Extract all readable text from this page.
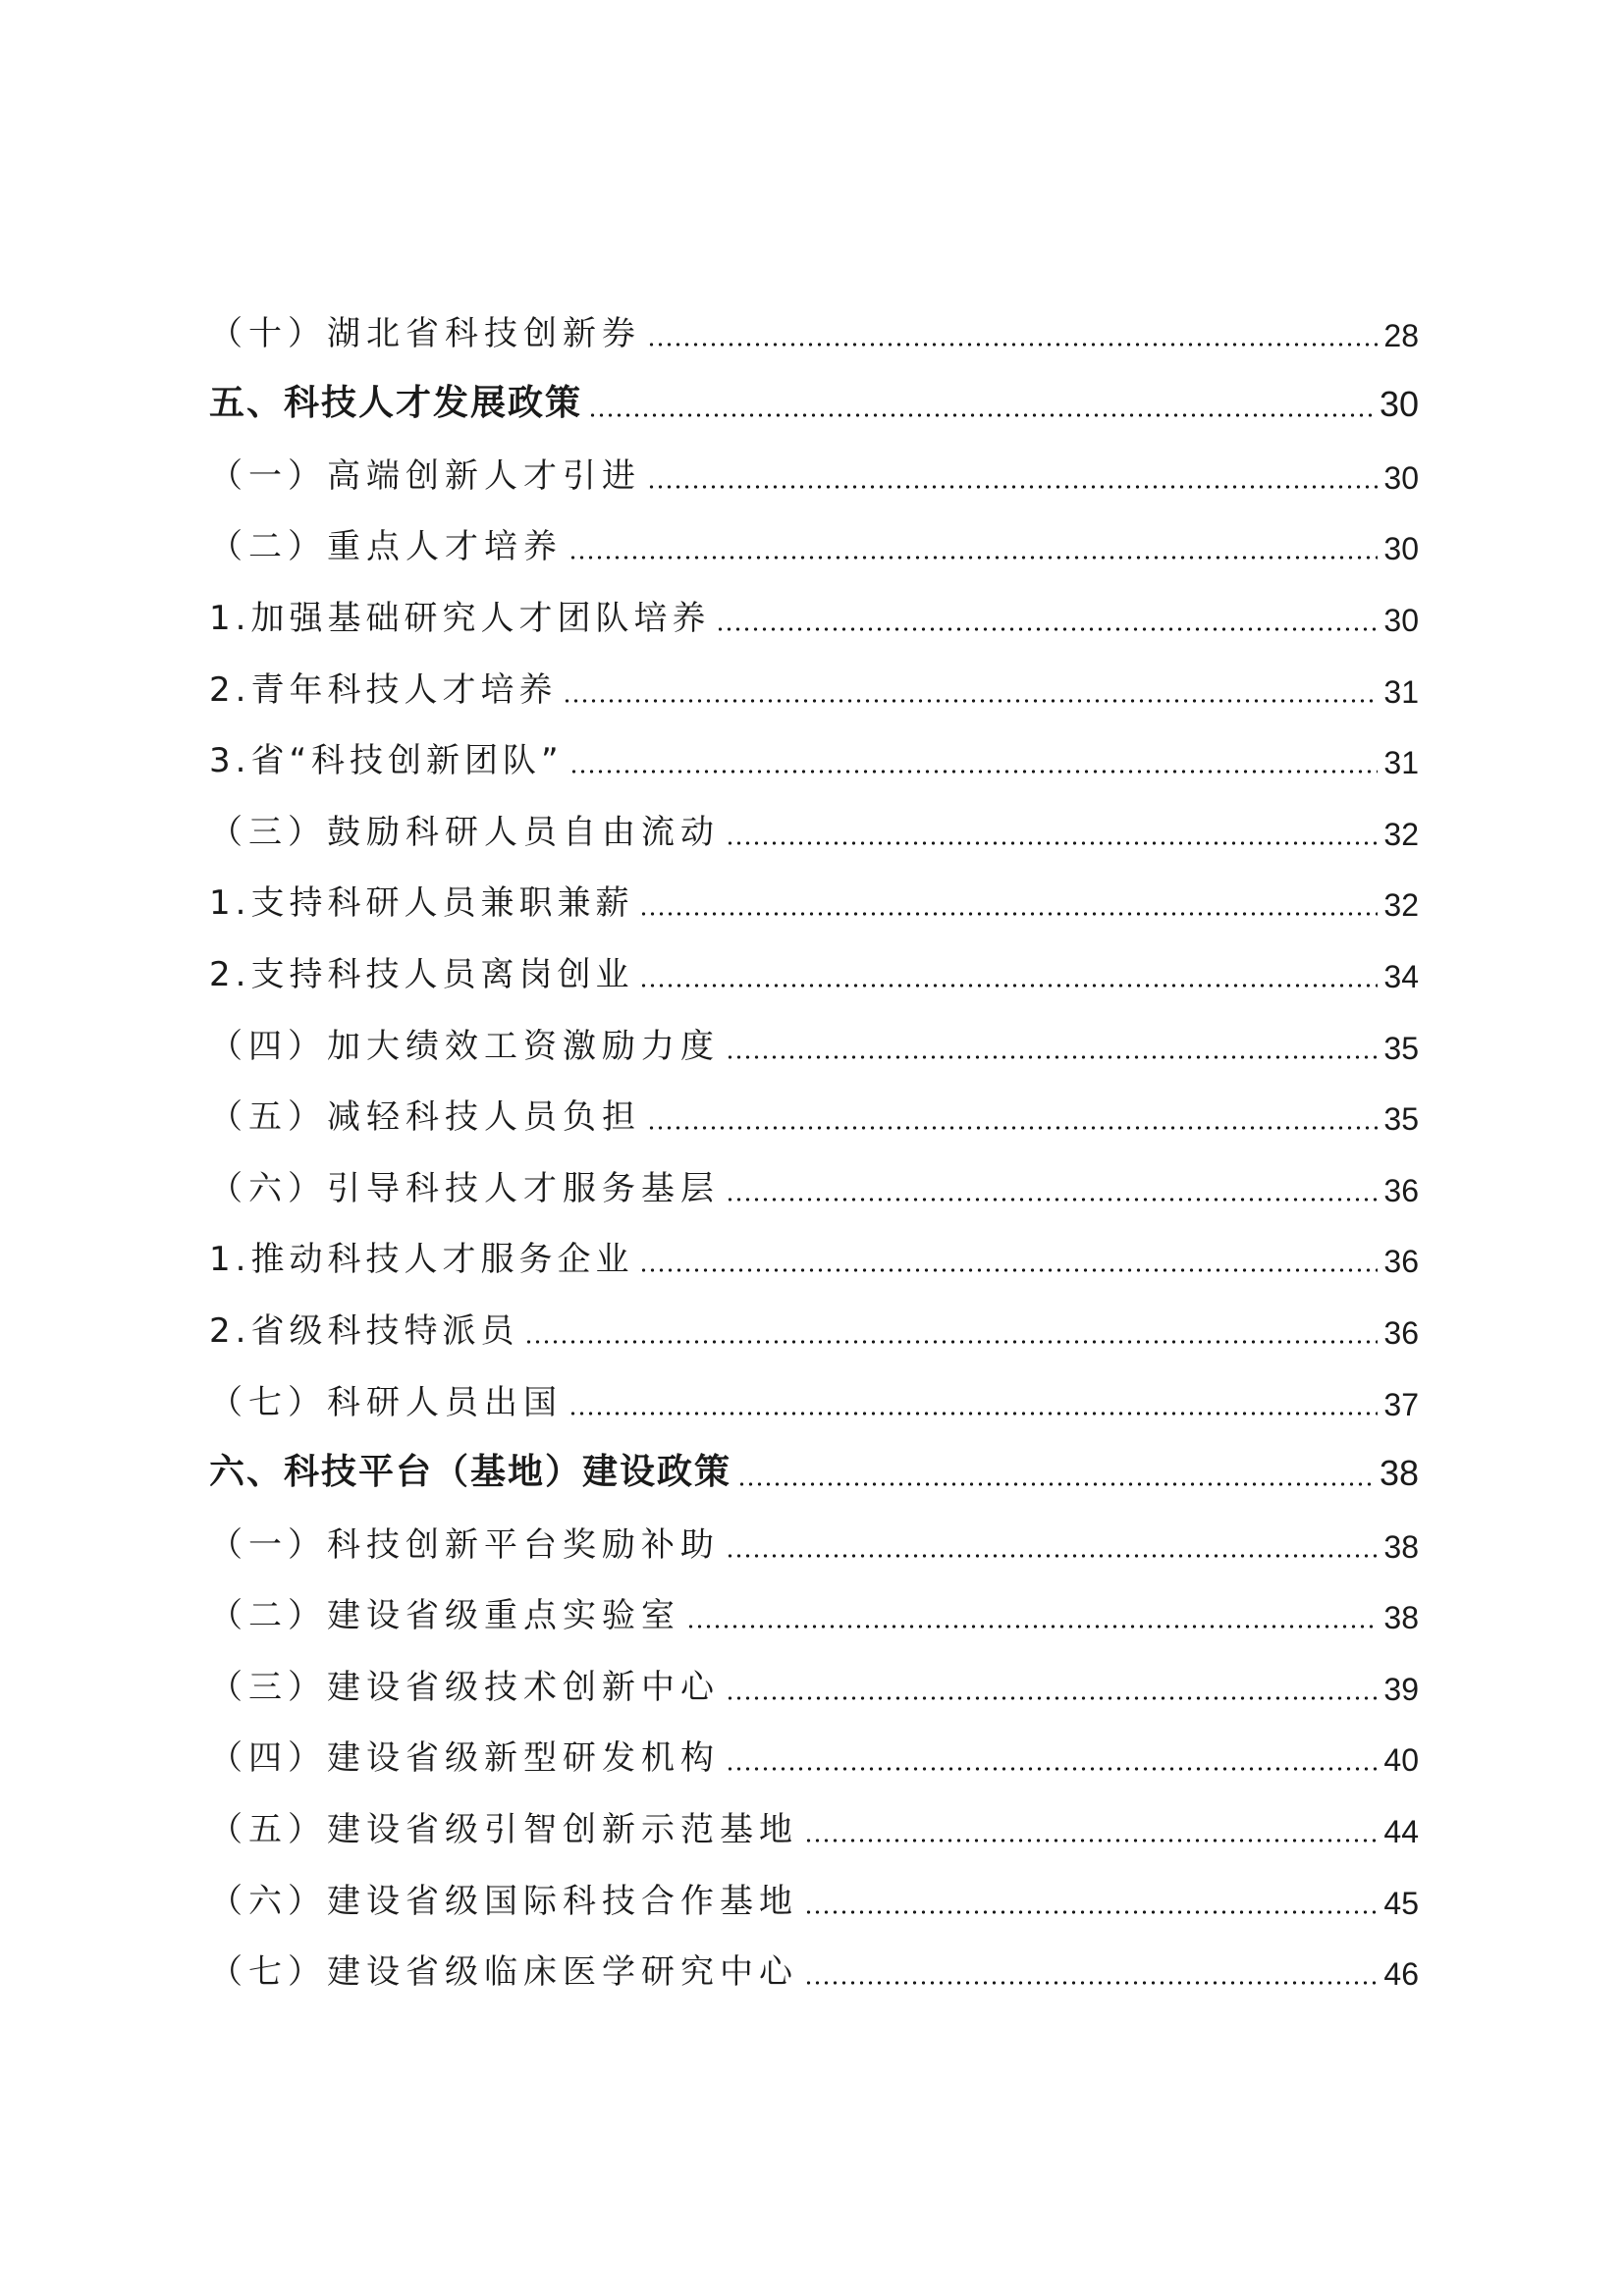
（十）湖北省科技创新券	28
五、科技人才发展政策	30
（一）高端创新人才引进	30
（二）重点人才培养	30
1.加强基础研究人才团队培养	30
2.青年科技人才培养	31
3.省“科技创新团队”	31
（三）鼓励科研人员自由流动	32
1.支持科研人员兼职兼薪	32
2.支持科技人员离岗创业	34
（四）加大绩效工资激励力度	35
（五）减轻科技人员负担	35
（六）引导科技人才服务基层	36
1.推动科技人才服务企业	36
2.省级科技特派员	36
（七）科研人员出国	37
六、科技平台（基地）建设政策	38
（一）科技创新平台奖励补助	38
（二）建设省级重点实验室	38
（三）建设省级技术创新中心	39
（四）建设省级新型研发机构	40
（五）建设省级引智创新示范基地	44
（六）建设省级国际科技合作基地	45
（七）建设省级临床医学研究中心	46
